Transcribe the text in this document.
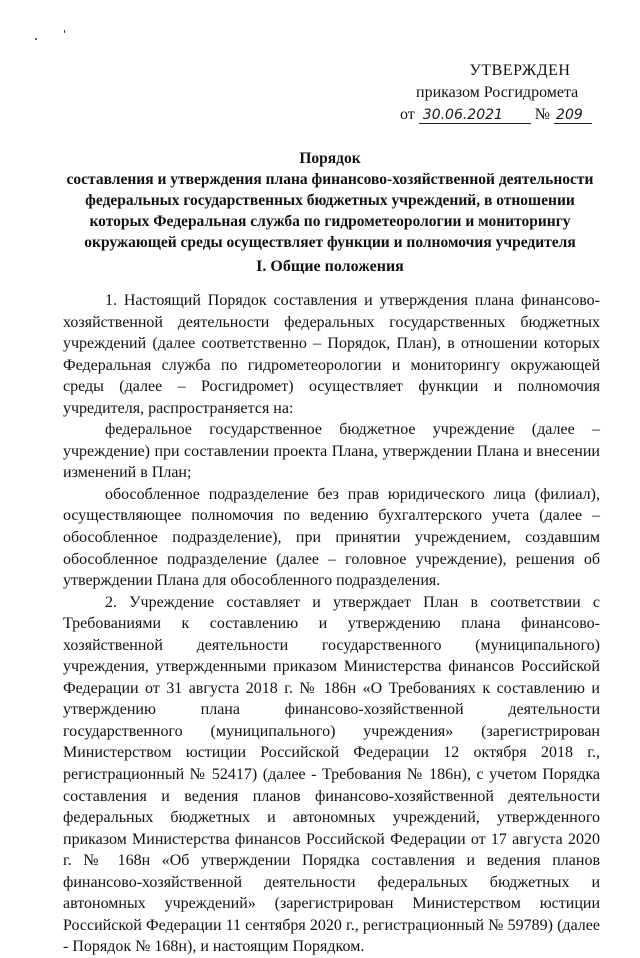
УТВЕРЖДЕН
приказом Росгидромета
от 30.06.2021 № 209
Порядок
составления и утверждения плана финансово-хозяйственной деятельности
федеральных государственных бюджетных учреждений, в отношении
которых Федеральная служба по гидрометеорологии и мониторингу
окружающей среды осуществляет функции и полномочия учредителя
I. Общие положения

1. Настоящий Порядок составления и утверждения плана финансово-хозяйственной деятельности федеральных государственных бюджетных учреждений (далее соответственно – Порядок, План), в отношении которых Федеральная служба по гидрометеорологии и мониторингу окружающей среды (далее – Росгидромет) осуществляет функции и полномочия учредителя, распространяется на:

федеральное государственное бюджетное учреждение (далее – учреждение) при составлении проекта Плана, утверждении Плана и внесении изменений в План;

обособленное подразделение без прав юридического лица (филиал), осуществляющее полномочия по ведению бухгалтерского учета (далее – обособленное подразделение), при принятии учреждением, создавшим обособленное подразделение (далее – головное учреждение), решения об утверждении Плана для обособленного подразделения.

2. Учреждение составляет и утверждает План в соответствии с Требованиями к составлению и утверждению плана финансово-хозяйственной деятельности государственного (муниципального) учреждения, утвержденными приказом Министерства финансов Российской Федерации от 31 августа 2018 г. № 186н «О Требованиях к составлению и утверждению плана финансово-хозяйственной деятельности государственного (муниципального) учреждения» (зарегистрирован Министерством юстиции Российской Федерации 12 октября 2018 г., регистрационный № 52417) (далее - Требования № 186н), с учетом Порядка составления и ведения планов финансово-хозяйственной деятельности федеральных бюджетных и автономных учреждений, утвержденного приказом Министерства финансов Российской Федерации от 17 августа 2020 г. № 168н «Об утверждении Порядка составления и ведения планов финансово-хозяйственной деятельности федеральных бюджетных и автономных учреждений» (зарегистрирован Министерством юстиции Российской Федерации 11 сентября 2020 г., регистрационный № 59789) (далее - Порядок № 168н), и настоящим Порядком.
